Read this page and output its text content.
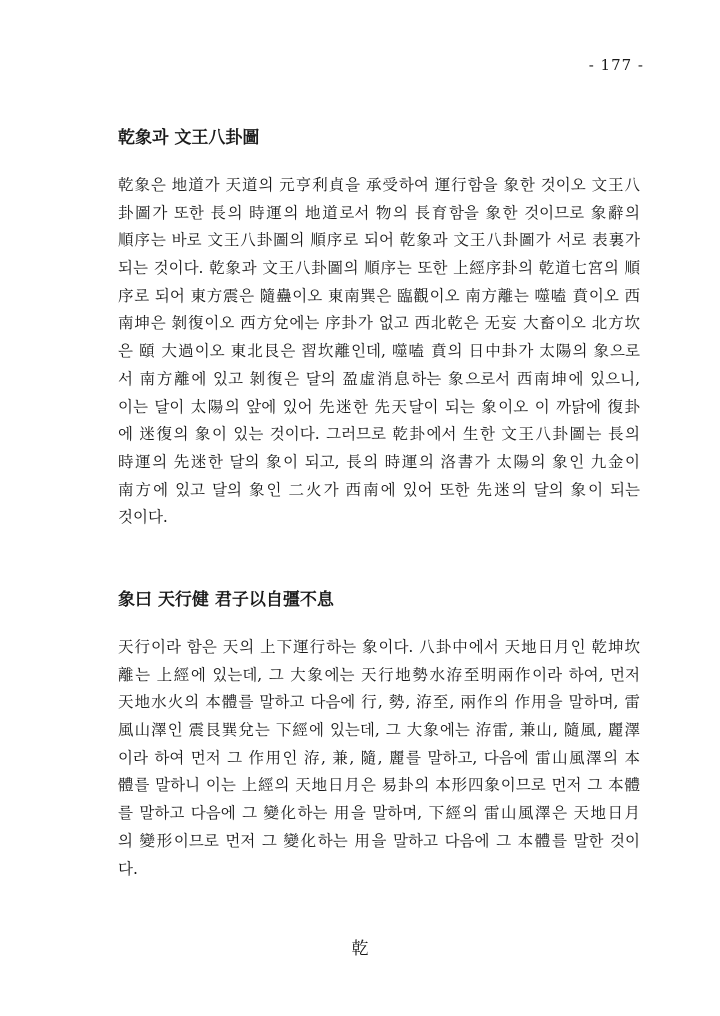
- 177 -
乾象과 文王八卦圖
乾象은 地道가 天道의 元亨利貞을 承受하여 運行함을 象한 것이오 文王八
卦圖가 또한 長의 時運의 地道로서 物의 長育함을 象한 것이므로 象辭의
順序는 바로 文王八卦圖의 順序로 되어 乾象과 文王八卦圖가 서로 表裏가
되는 것이다. 乾象과 文王八卦圖의 順序는 또한 上經序卦의 乾道七宮의 順
序로 되어 東方震은 隨蠱이오 東南巽은 臨觀이오 南方離는 噬嗑 賁이오 西
南坤은 剝復이오 西方兌에는 序卦가 없고 西北乾은 无妄 大畜이오 北方坎
은 頤 大過이오 東北艮은 習坎離인데, 噬嗑 賁의 日中卦가 太陽의 象으로
서 南方離에 있고 剝復은 달의 盈虛消息하는 象으로서 西南坤에 있으니,
이는 달이 太陽의 앞에 있어 先迷한 先天달이 되는 象이오 이 까닭에 復卦
에 迷復의 象이 있는 것이다. 그러므로 乾卦에서 生한 文王八卦圖는 長의
時運의 先迷한 달의 象이 되고, 長의 時運의 洛書가 太陽의 象인 九金이
南方에 있고 달의 象인 二火가 西南에 있어 또한 先迷의 달의 象이 되는
것이다.
象曰 天行健 君子以自彊不息
天行이라 함은 天의 上下運行하는 象이다. 八卦中에서 天地日月인 乾坤坎
離는 上經에 있는데, 그 大象에는 天行地勢水洊至明兩作이라 하여, 먼저
天地水火의 本體를 말하고 다음에 行, 勢, 洊至, 兩作의 作用을 말하며, 雷
風山澤인 震艮巽兌는 下經에 있는데, 그 大象에는 洊雷, 兼山, 隨風, 麗澤
이라 하여 먼저 그 作用인 洊, 兼, 隨, 麗를 말하고, 다음에 雷山風澤의 本
體를 말하니 이는 上經의 天地日月은 易卦의 本形四象이므로 먼저 그 本體
를 말하고 다음에 그 變化하는 用을 말하며, 下經의 雷山風澤은 天地日月
의 變形이므로 먼저 그 變化하는 用을 말하고 다음에 그 本體를 말한 것이
다.
乾
